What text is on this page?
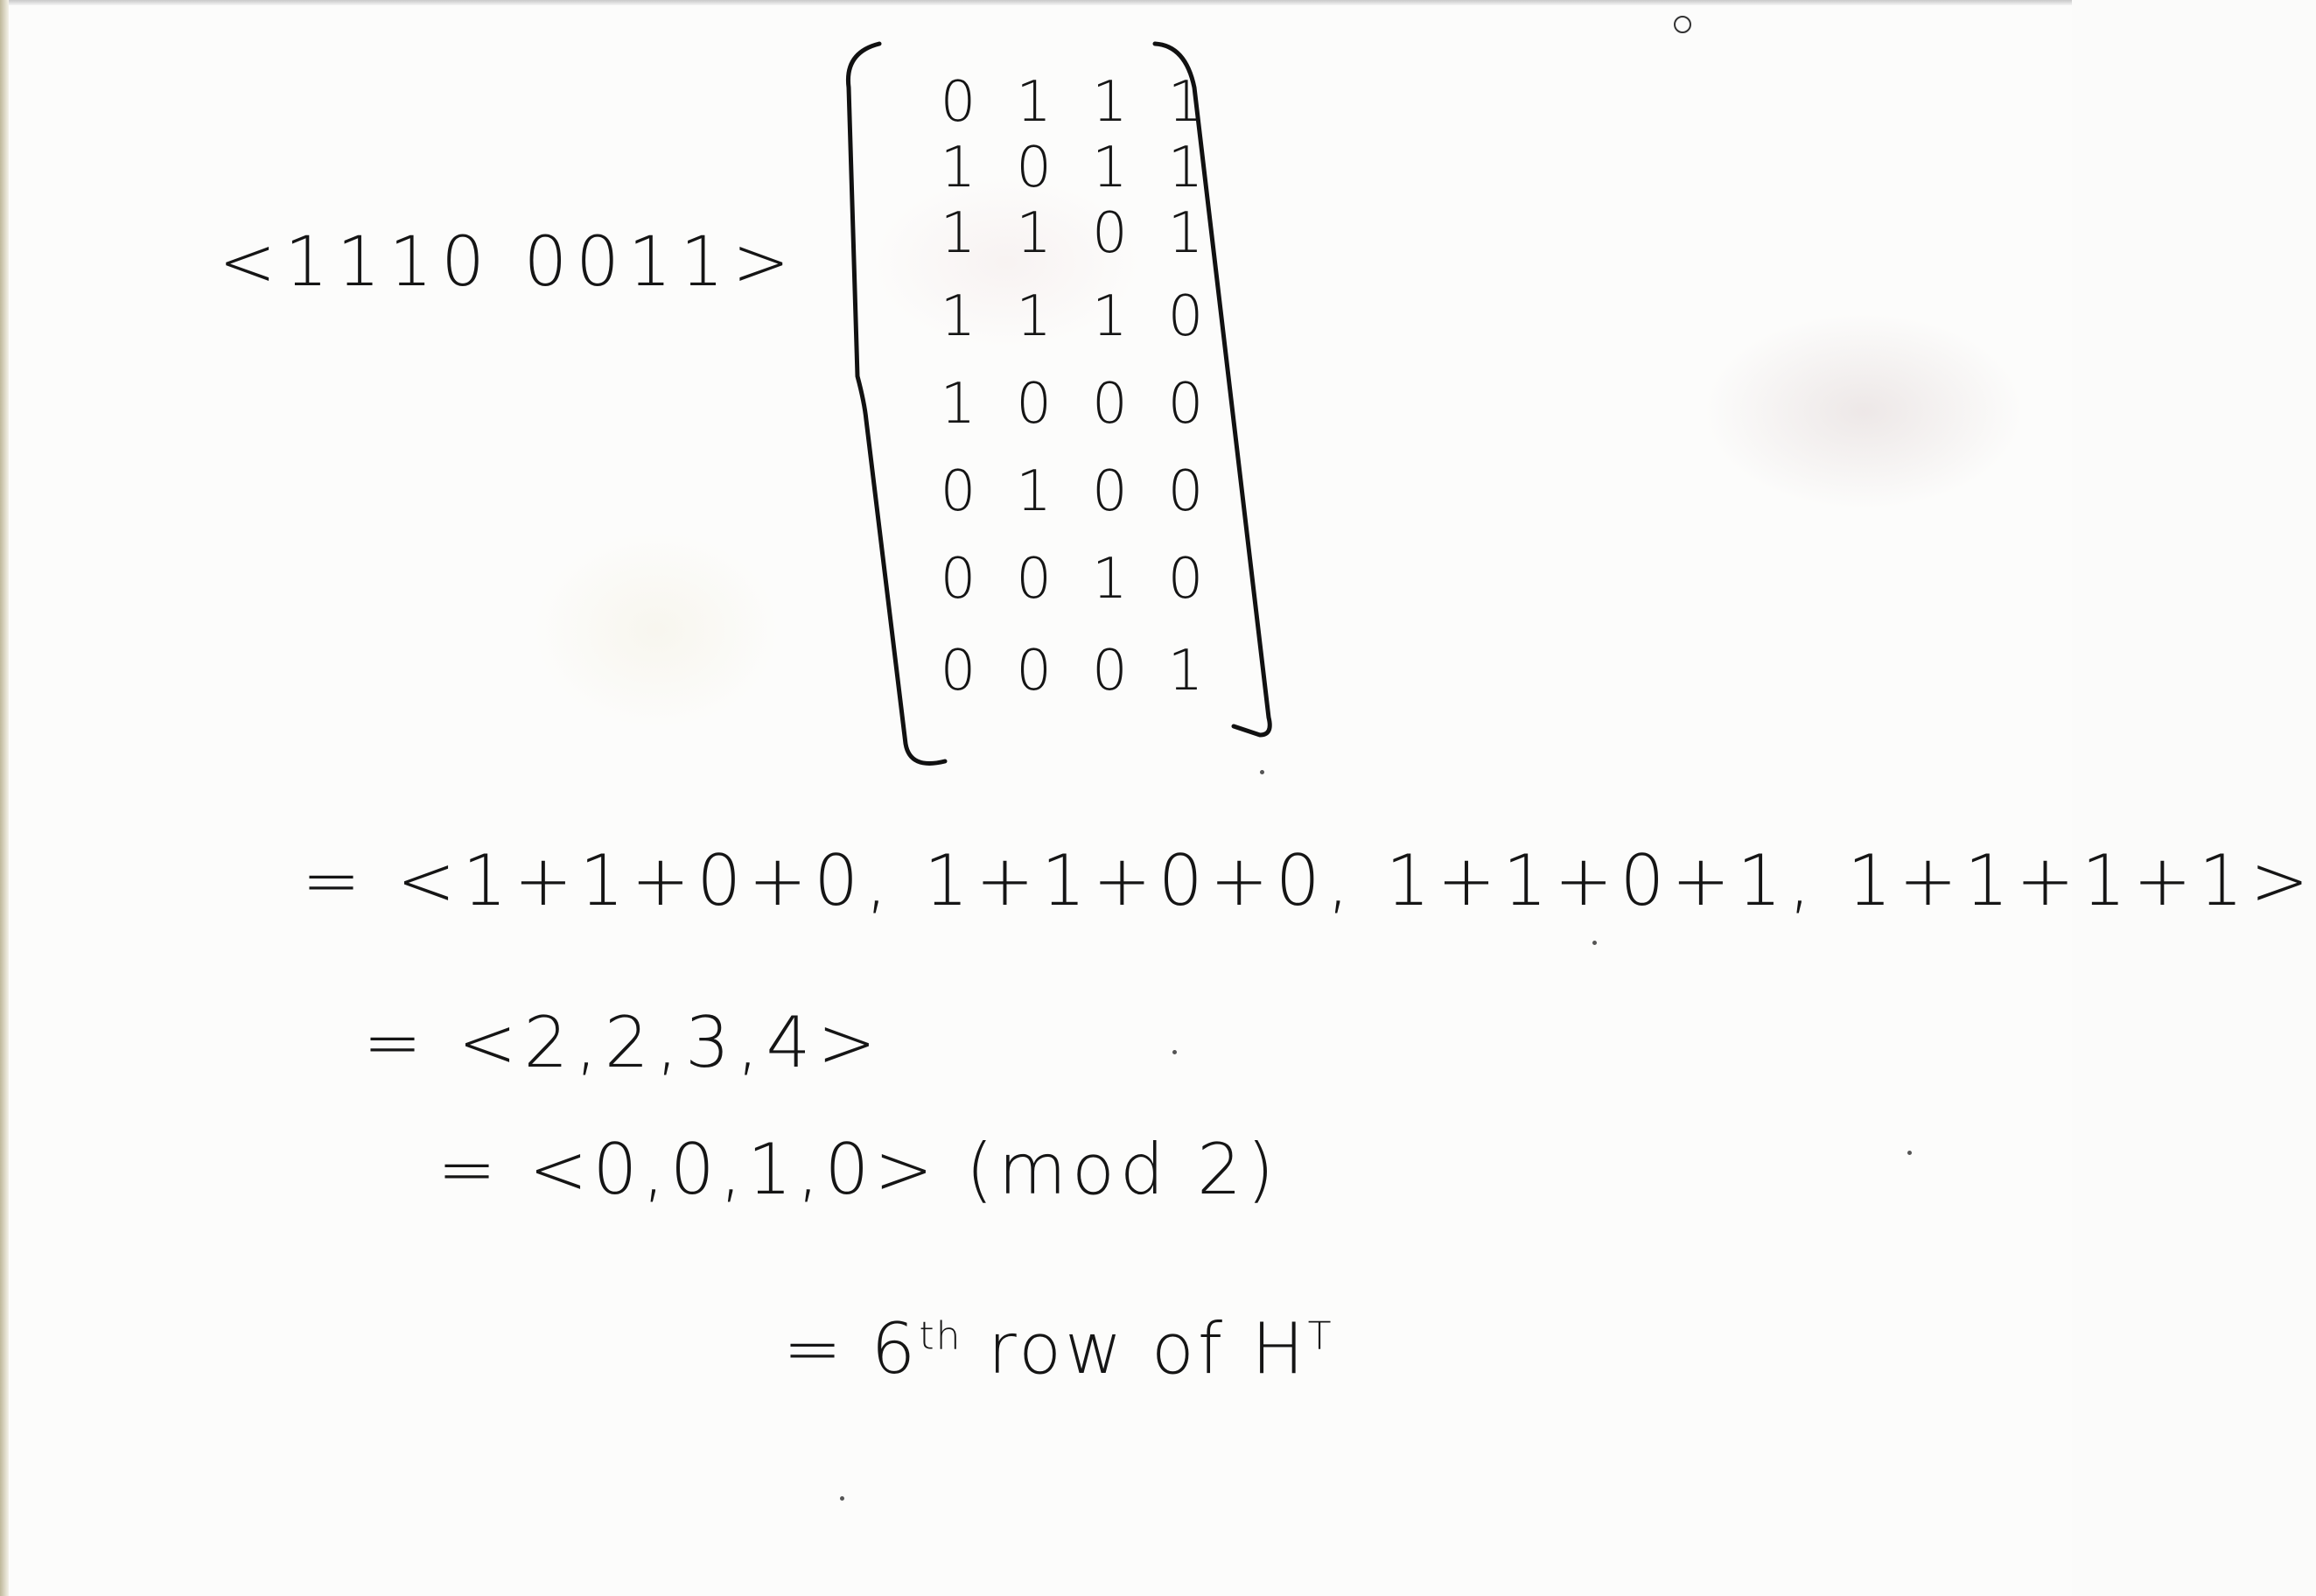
<1110 0011>
0 1 1 1
1 0 1 1
1 1 0 1
1 1 1 0
1 0 0 0
0 1 0 0
0 0 1 0
0 0 0 1
= <1+1+0+0, 1+1+0+0, 1+1+0+1, 1+1+1+1>
= <2,2,3,4>
= <0,0,1,0> (mod 2)
= 6th row of $H^T$
